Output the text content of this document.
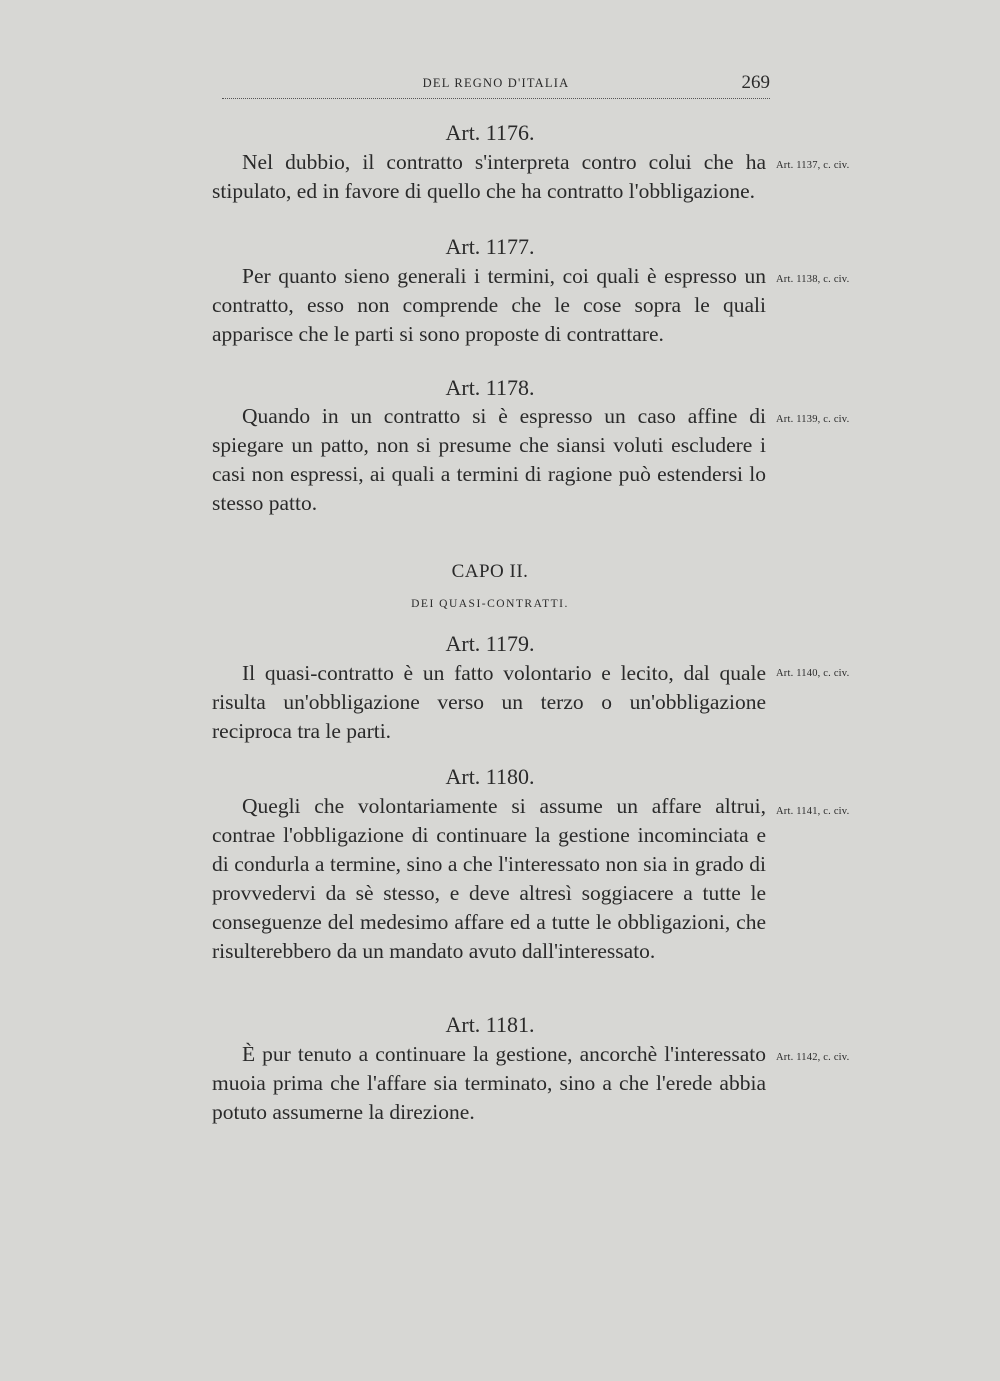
DEL REGNO D'ITALIA	269
Art. 1176.

Nel dubbio, il contratto s'interpreta contro colui che ha stipulato, ed in favore di quello che ha contratto l'obbligazione.

Art. 1137, c. civ.
Art. 1177.

Per quanto sieno generali i termini, coi quali è espresso un contratto, esso non comprende che le cose sopra le quali apparisce che le parti si sono proposte di contrattare.

Art. 1138, c. civ.
Art. 1178.

Quando in un contratto si è espresso un caso affine di spiegare un patto, non si presume che siansi voluti escludere i casi non espressi, ai quali a termini di ragione può estendersi lo stesso patto.

Art. 1139, c. civ.
CAPO II.
DEI QUASI-CONTRATTI.
Art. 1179.

Il quasi-contratto è un fatto volontario e lecito, dal quale risulta un'obbligazione verso un terzo o un'obbligazione reciproca tra le parti.

Art. 1140, c. civ.
Art. 1180.

Quegli che volontariamente si assume un affare altrui, contrae l'obbligazione di continuare la gestione incominciata e di condurla a termine, sino a che l'interessato non sia in grado di provvedervi da sè stesso, e deve altresì soggiacere a tutte le conseguenze del medesimo affare ed a tutte le obbligazioni, che risulterebbero da un mandato avuto dall'interessato.

Art. 1141, c. civ.
Art. 1181.

È pur tenuto a continuare la gestione, ancorchè l'interessato muoia prima che l'affare sia terminato, sino a che l'erede abbia potuto assumerne la direzione.

Art. 1142, c. civ.
